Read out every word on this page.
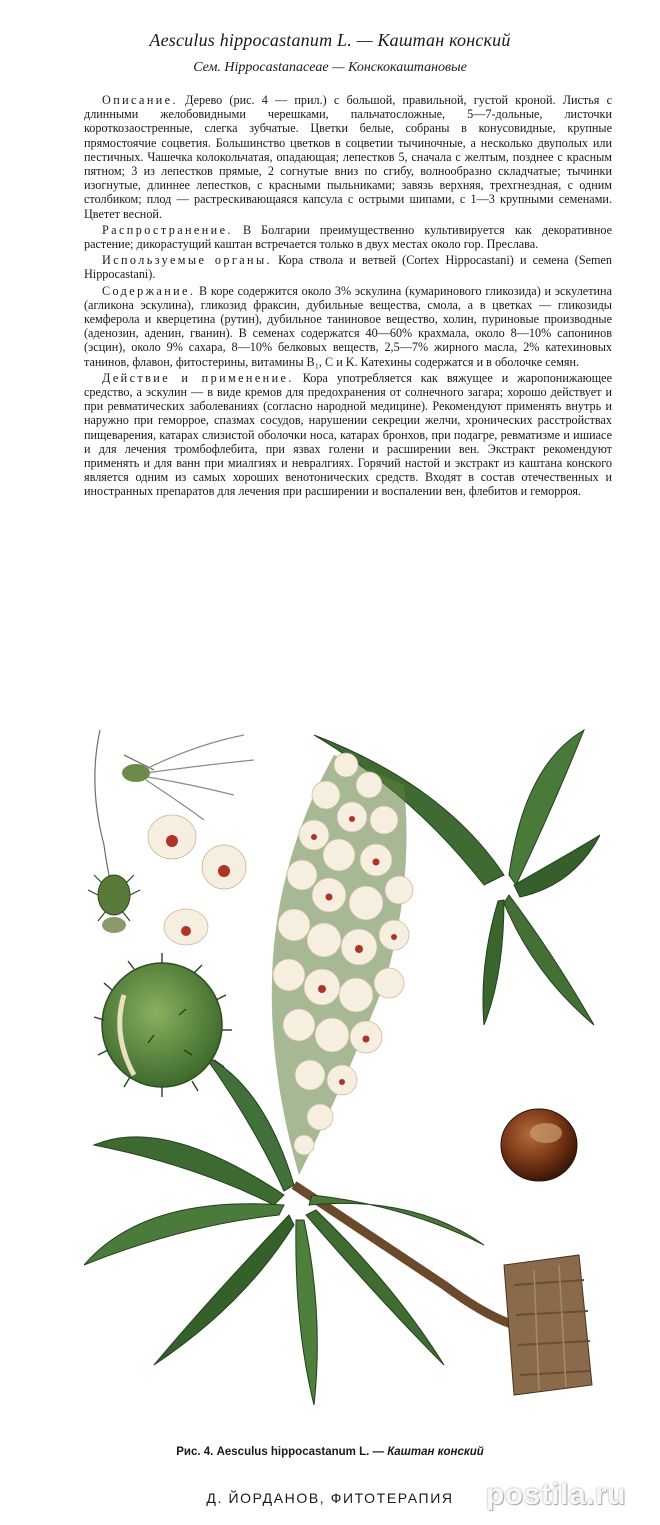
Aesculus hippocastanum L. — Каштан конский
Сем. Hippocastanaceae — Конскокаштановые

Описание. Дерево (рис. 4 — прил.) с большой, правильной, густой кроной. Листья с длинными желобовидными черешками, пальчатосложные, 5—7-дольные, листочки короткозаостренные, слегка зубчатые. Цветки белые, собраны в конусовидные, крупные прямостоячие соцветия. Большинство цветков в соцветии тычиночные, а несколько двуполых или пестичных. Чашечка колокольчатая, опадающая; лепестков 5, сначала с желтым, позднее с красным пятном; 3 из лепестков прямые, 2 согнутые вниз по сгибу, волнообразно складчатые; тычинки изогнутые, длиннее лепестков, с красными пыльниками; завязь верхняя, трехгнездная, с одним столбиком; плод — растрескивающаяся капсула с острыми шипами, с 1—3 крупными семенами. Цветет весной.

Распространение. В Болгарии преимущественно культивируется как декоративное растение; дикорастущий каштан встречается только в двух местах около гор. Преслава.

Используемые органы. Кора ствола и ветвей (Cortex Hippocastani) и семена (Semen Hippocastani).

Содержание. В коре содержится около 3% эскулина (кумаринового гликозида) и эскулетина (агликона эскулина), гликозид фраксин, дубильные вещества, смола, а в цветках — гликозиды кемферола и кверцетина (рутин), дубильное таниновое вещество, холин, пуриновые производные (аденозин, аденин, гванин). В семенах содержатся 40—60% крахмала, около 8—10% сапонинов (эсцин), около 9% сахара, 8—10% белковых веществ, 2,5—7% жирного масла, 2% катехиновых танинов, флавон, фитостерины, витамины B₁, C и K. Катехины содержатся и в оболочке семян.

Действие и применение. Кора употребляется как вяжущее и жаропонижающее средство, а эскулин — в виде кремов для предохранения от солнечного загара; хорошо действует и при ревматических заболеваниях (согласно народной медицине). Рекомендуют применять внутрь и наружно при геморрое, спазмах сосудов, нарушении секреции желчи, хронических расстройствах пищеварения, катарах слизистой оболочки носа, катарах бронхов, при подагре, ревматизме и ишиасе и для лечения тромбофлебита, при язвах голени и расширении вен. Экстракт рекомендуют применять и для ванн при миалгиях и невралгиях. Горячий настой и экстракт из каштана конского является одним из самых хороших венотонических средств. Входят в состав отечественных и иностранных препаратов для лечения при расширении и воспалении вен, флебитов и геморроя.

Рис. 4. Aesculus hippocastanum L. — Каштан конский
Д. ЙОРДАНОВ, ФИТОТЕРАПИЯ	postila.ru
